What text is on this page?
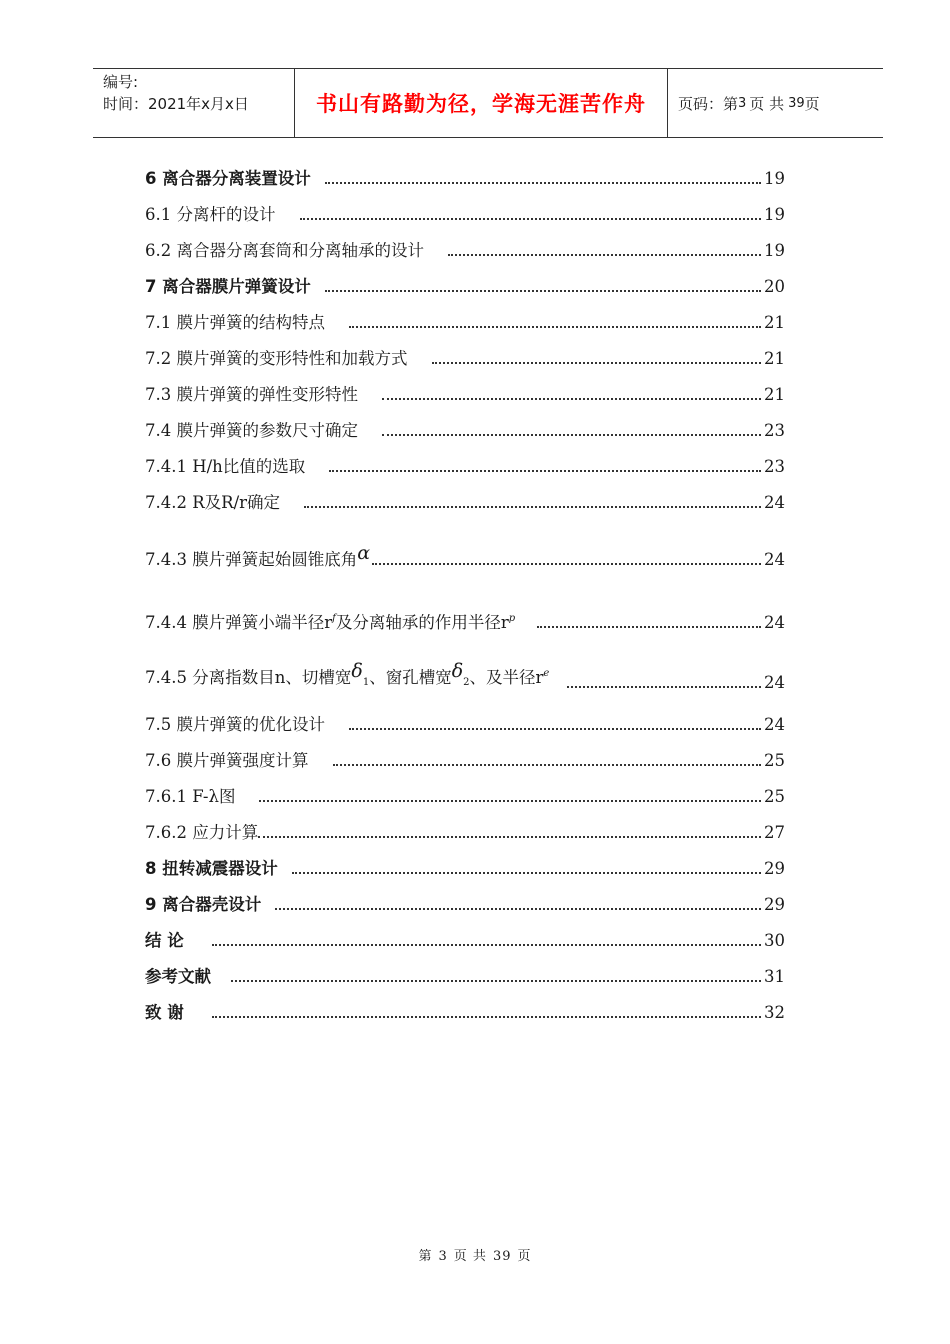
编号:
时间：2021年x月x日	书山有路勤为径，学海无涯苦作舟	页码：第 3 页 共 39 页
6 离合器分离装置设计	19
6.1 分离杆的设计	19
6.2 离合器分离套筒和分离轴承的设计	19
7 离合器膜片弹簧设计	20
7.1 膜片弹簧的结构特点	21
7.2 膜片弹簧的变形特性和加载方式	21
7.3 膜片弹簧的弹性变形特性	21
7.4 膜片弹簧的参数尺寸确定	23
7.4.1 H/h比值的选取	23
7.4.2 R及R/r确定	24
7.4.3 膜片弹簧起始圆锥底角α	24
7.4.4 膜片弹簧小端半径$r^f$及分离轴承的作用半径$r^p$	24
7.4.5 分离指数目n、切槽宽$\delta_1$、窗孔槽宽$\delta_2$、及半径$r^e$	24
7.5 膜片弹簧的优化设计	24
7.6 膜片弹簧强度计算	25
7.6.1 F-λ图	25
7.6.2 应力计算	27
8 扭转减震器设计	29
9 离合器壳设计	29
结 论	30
参考文献	31
致 谢	32
第 3 页 共 39 页
